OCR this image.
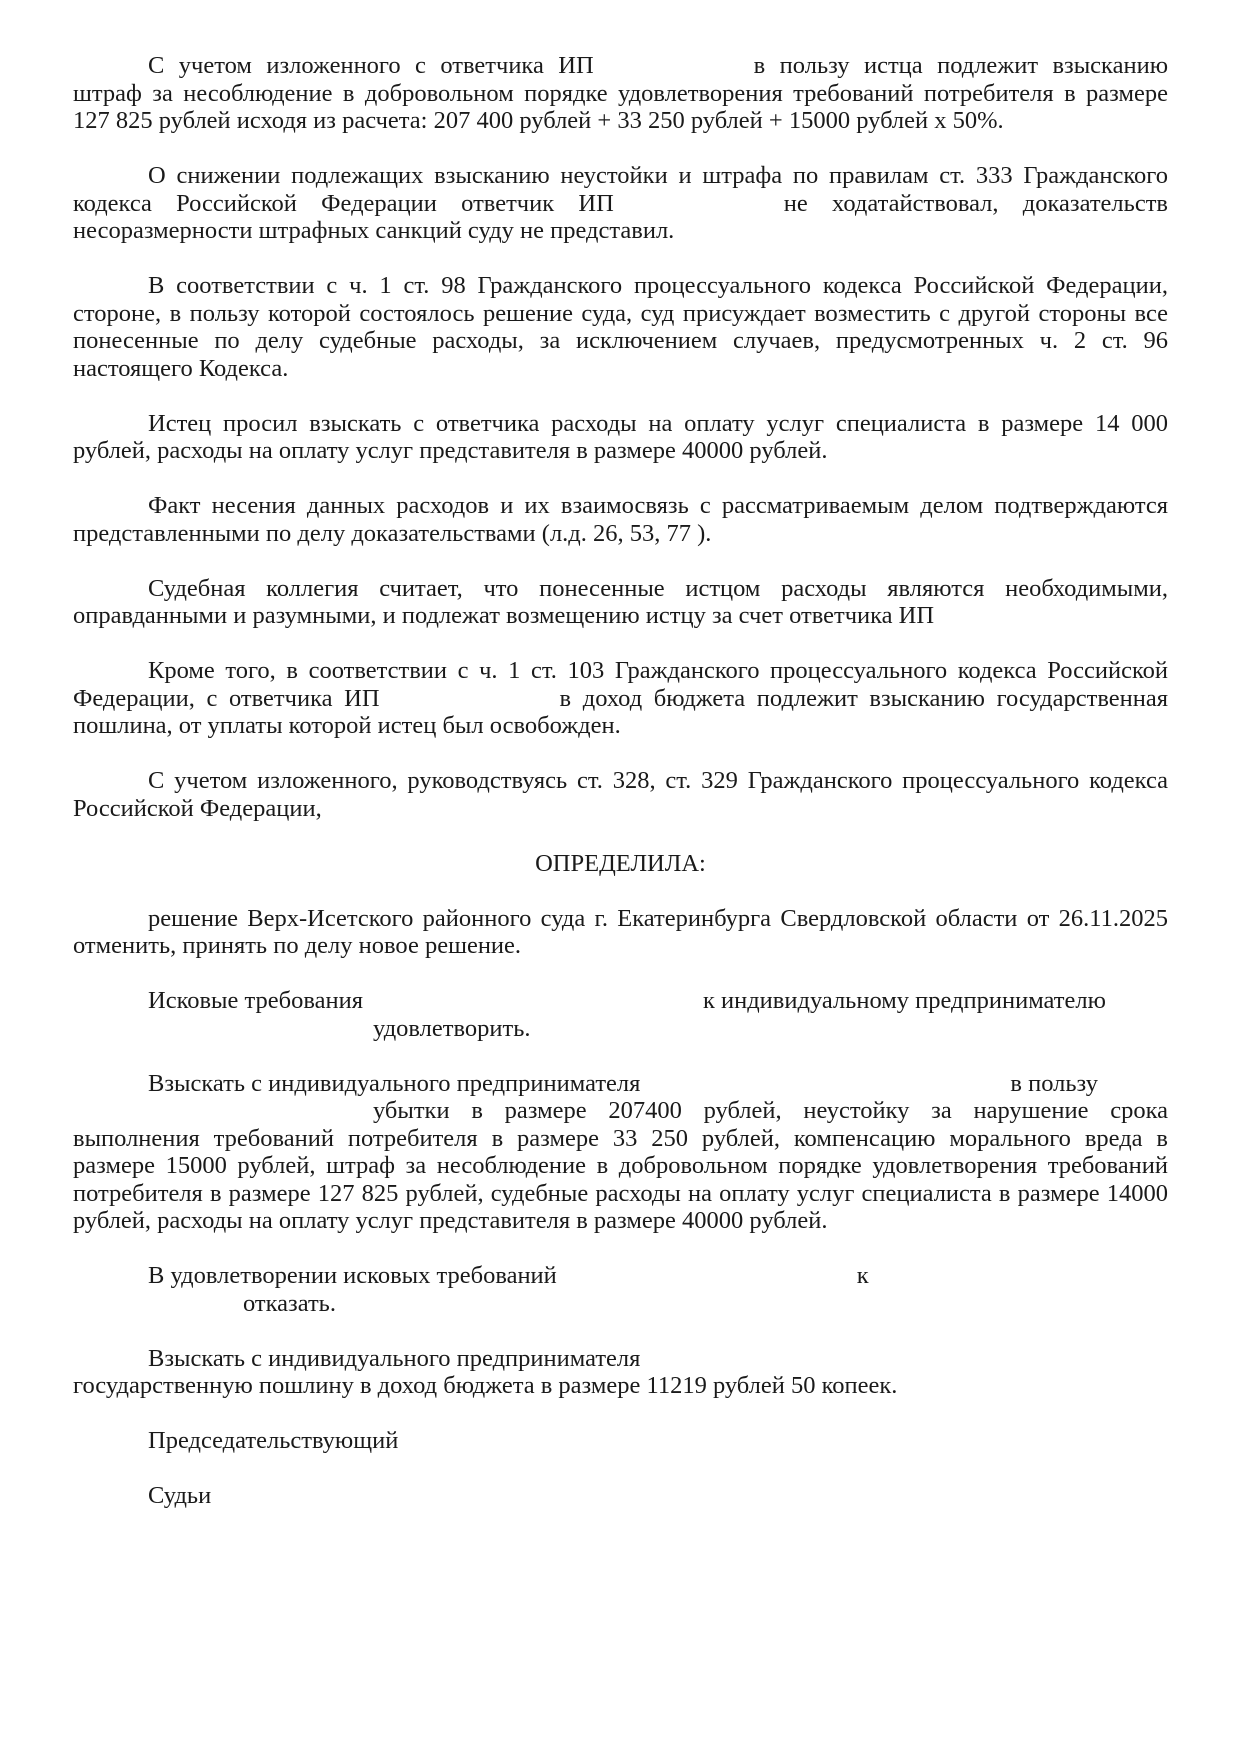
С учетом изложенного с ответчика ИП	в пользу истца подлежит взысканию штраф за несоблюдение в добровольном порядке удовлетворения требований потребителя в размере 127 825 рублей исходя из расчета: 207 400 рублей + 33 250 рублей + 15000 рублей х 50%.

О снижении подлежащих взысканию неустойки и штрафа по правилам ст. 333 Гражданского кодекса Российской Федерации ответчик ИП	не ходатайствовал, доказательств несоразмерности штрафных санкций суду не представил.

В соответствии с ч. 1 ст. 98 Гражданского процессуального кодекса Российской Федерации, стороне, в пользу которой состоялось решение суда, суд присуждает возместить с другой стороны все понесенные по делу судебные расходы, за исключением случаев, предусмотренных ч. 2 ст. 96 настоящего Кодекса.

Истец просил взыскать с ответчика расходы на оплату услуг специалиста в размере 14 000 рублей, расходы на оплату услуг представителя в размере 40000 рублей.

Факт несения данных расходов и их взаимосвязь с рассматриваемым делом подтверждаются представленными по делу доказательствами (л.д. 26, 53, 77 ).

Судебная коллегия считает, что понесенные истцом расходы являются необходимыми, оправданными и разумными, и подлежат возмещению истцу за счет ответчика ИП

Кроме того, в соответствии с ч. 1 ст. 103 Гражданского процессуального кодекса Российской Федерации, с ответчика ИП	в доход бюджета подлежит взысканию государственная пошлина, от уплаты которой истец был освобожден.

С учетом изложенного, руководствуясь ст. 328, ст. 329 Гражданского процессуального кодекса Российской Федерации,

ОПРЕДЕЛИЛА:

решение Верх-Исетского районного суда г. Екатеринбурга Свердловской области от 26.11.2025 отменить, принять по делу новое решение.

Исковые требования	к индивидуальному предпринимателю
удовлетворить.

Взыскать с индивидуального предпринимателя	в пользу
убытки в размере 207400 рублей, неустойку за нарушение срока выполнения требований потребителя в размере 33 250 рублей, компенсацию морального вреда в размере 15000 рублей, штраф за несоблюдение в добровольном порядке удовлетворения требований потребителя в размере 127 825 рублей, судебные расходы на оплату услуг специалиста в размере 14000 рублей, расходы на оплату услуг представителя в размере 40000 рублей.

В удовлетворении исковых требований	к
отказать.

Взыскать с индивидуального предпринимателя
государственную пошлину в доход бюджета в размере 11219 рублей 50 копеек.

Председательствующий

Судьи
